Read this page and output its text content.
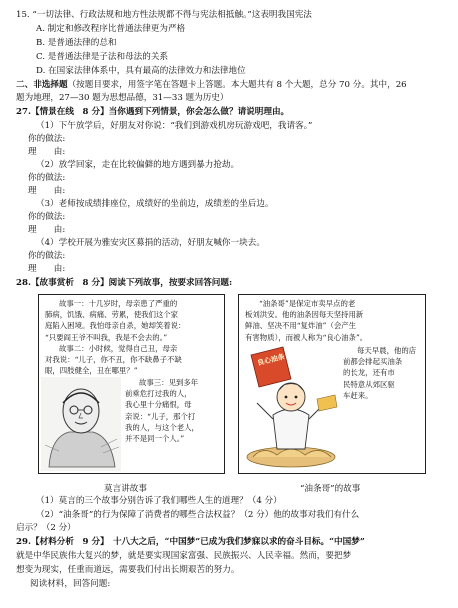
15. “一切法律、行政法规和地方性法规都不得与宪法相抵触。”这表明我国宪法
A. 制定和修改程序比普通法律更为严格
B. 是普通法律的总和
C. 是普通法律是子法和母法的关系
D. 在国家法律体系中，具有最高的法律效力和法律地位
二、非选择题（按题目要求，用签字笔在答题卡上答题。本大题共有 8 个大题，总分 70 分。其中，26
题为地理，27—30 题为思想品德，31—33 题为历史）
27.【情景在线　8 分】当你遇到下列情景，你会怎么做？请说明理由。
（1）下午放学后，好朋友对你说：“我们到游戏机房玩游戏吧，我请客。”
你的做法:
理　　由:
（2）放学回家，走在比较偏僻的地方遇到暴力抢劫。
你的做法:
理　　由:
（3）老师按成绩排座位，成绩好的坐前边，成绩差的坐后边。
你的做法:
理　　由:
（4）学校开展为雅安灾区募捐的活动，好朋友喊你一块去。
你的做法:
理　　由:
28.【故事赏析　8 分】阅读下列故事，按要求回答问题:
故事一：十几岁时，母亲患了严重的
肺病，饥饿、病痛、劳累，使我们这个家
庭陷入困境。我怕母亲自杀，她却笑着说：
“只要阎王爷不叫我，我是不会去的。”
故事二：小时候，觉得自己丑，母亲
对我说：“儿子，你不丑，你不缺鼻子不缺
眼，四肢健全，丑在哪里？”
故事三：见到多年
前乘危打过我的人，
我心里十分痛恨，母
亲说：“儿子，那个打
我的人，与这个老人，
并不是同一个人。”
“油条哥”是保定市卖早点的老
板刘洪安。他的油条因每天坚持用新
鲜油、坚决不用“复炸油”（会产生
有害物质），而被人称为“良心油条”。
良心油条
每天早晨，他的店
前都会排起买油条
的长龙，还有市
民特意从郊区驱
车赶来。
莫言讲故事	“油条哥”的故事
（1）莫言的三个故事分别告诉了我们哪些人生的道理？（4 分）
（2）“油条哥”的行为保障了消费者的哪些合法权益？（2 分）他的故事对我们有什么
启示？（2 分）
29.【材料分析　9 分】　十八大之后，“中国梦”已成为我们梦寐以求的奋斗目标。“中国梦”
就是中华民族伟大复兴的梦，就是要实现国家富强、民族振兴、人民幸福。然而，要把梦
想变为现实，任重而道远，需要我们付出长期艰苦的努力。
阅读材料，回答问题:
